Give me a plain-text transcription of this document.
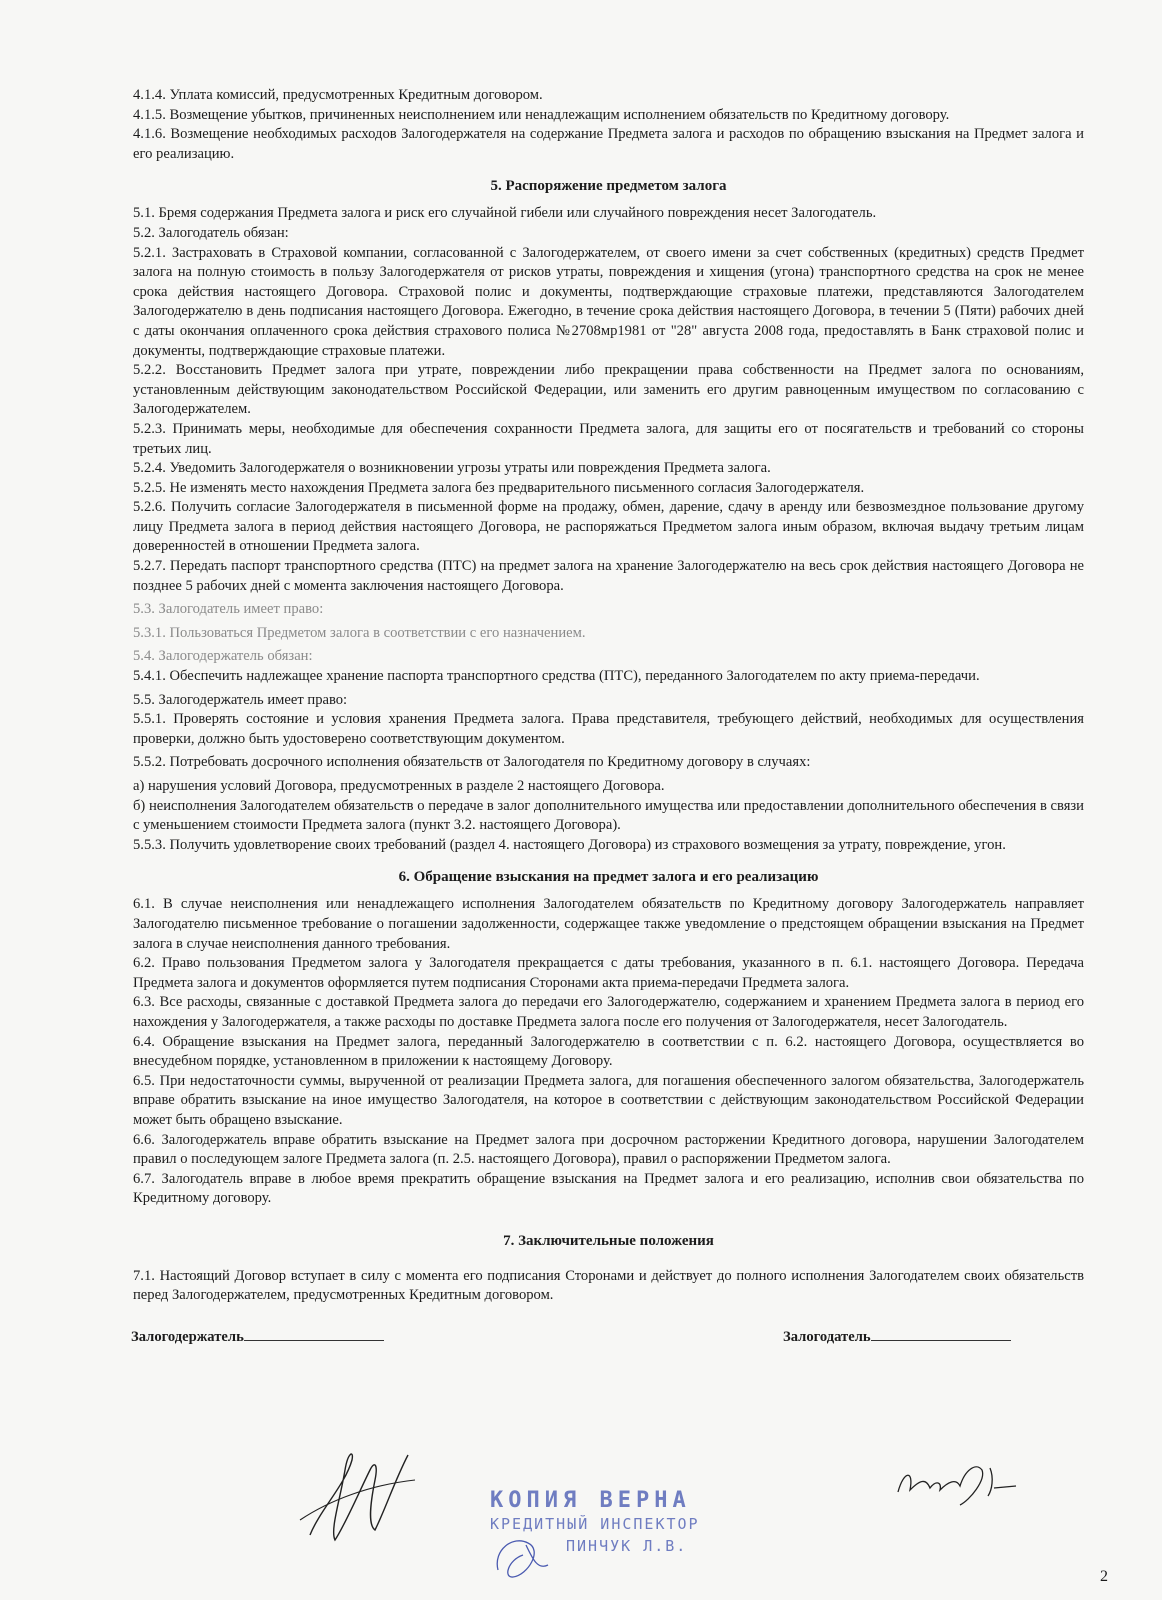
4.1.4. Уплата комиссий, предусмотренных Кредитным договором.

4.1.5. Возмещение убытков, причиненных неисполнением или ненадлежащим исполнением обязательств по Кредитному договору.

4.1.6. Возмещение необходимых расходов Залогодержателя на содержание Предмета залога и расходов по обращению взыскания на Предмет залога и его реализацию.

5. Распоряжение предметом залога

5.1. Бремя содержания Предмета залога и риск его случайной гибели или случайного повреждения несет Залогодатель.

5.2. Залогодатель обязан:

5.2.1. Застраховать в Страховой компании, согласованной с Залогодержателем, от своего имени за счет собственных (кредитных) средств Предмет залога на полную стоимость в пользу Залогодержателя от рисков утраты, повреждения и хищения (угона) транспортного средства на срок не менее срока действия настоящего Договора. Страховой полис и документы, подтверждающие страховые платежи, представляются Залогодателем Залогодержателю в день подписания настоящего Договора. Ежегодно, в течение срока действия настоящего Договора, в течении 5 (Пяти) рабочих дней с даты окончания оплаченного срока действия страхового полиса №2708мр1981 от "28" августа 2008 года, предоставлять в Банк страховой полис и документы, подтверждающие страховые платежи.

5.2.2. Восстановить Предмет залога при утрате, повреждении либо прекращении права собственности на Предмет залога по основаниям, установленным действующим законодательством Российской Федерации, или заменить его другим равноценным имуществом по согласованию с Залогодержателем.

5.2.3. Принимать меры, необходимые для обеспечения сохранности Предмета залога, для защиты его от посягательств и требований со стороны третьих лиц.

5.2.4. Уведомить Залогодержателя о возникновении угрозы утраты или повреждения Предмета залога.

5.2.5. Не изменять место нахождения Предмета залога без предварительного письменного согласия Залогодержателя.

5.2.6. Получить согласие Залогодержателя в письменной форме на продажу, обмен, дарение, сдачу в аренду или безвозмездное пользование другому лицу Предмета залога в период действия настоящего Договора, не распоряжаться Предметом залога иным образом, включая выдачу третьим лицам доверенностей в отношении Предмета залога.

5.2.7. Передать паспорт транспортного средства (ПТС) на предмет залога на хранение Залогодержателю на весь срок действия настоящего Договора не позднее 5 рабочих дней с момента заключения настоящего Договора.

5.3. Залогодатель имеет право:

5.3.1. Пользоваться Предметом залога в соответствии с его назначением.

5.4. Залогодержатель обязан:

5.4.1. Обеспечить надлежащее хранение паспорта транспортного средства (ПТС), переданного Залогодателем по акту приема-передачи.

5.5. Залогодержатель имеет право:

5.5.1. Проверять состояние и условия хранения Предмета залога. Права представителя, требующего действий, необходимых для осуществления проверки, должно быть удостоверено соответствующим документом.

5.5.2. Потребовать досрочного исполнения обязательств от Залогодателя по Кредитному договору в случаях:

а) нарушения условий Договора, предусмотренных в разделе 2 настоящего Договора.

б) неисполнения Залогодателем обязательств о передаче в залог дополнительного имущества или предоставлении дополнительного обеспечения в связи с уменьшением стоимости Предмета залога (пункт 3.2. настоящего Договора).

5.5.3. Получить удовлетворение своих требований (раздел 4. настоящего Договора) из страхового возмещения за утрату, повреждение, угон.

6. Обращение взыскания на предмет залога и его реализацию

6.1. В случае неисполнения или ненадлежащего исполнения Залогодателем обязательств по Кредитному договору Залогодержатель направляет Залогодателю письменное требование о погашении задолженности, содержащее также уведомление о предстоящем обращении взыскания на Предмет залога в случае неисполнения данного требования.

6.2. Право пользования Предметом залога у Залогодателя прекращается с даты требования, указанного в п. 6.1. настоящего Договора. Передача Предмета залога и документов оформляется путем подписания Сторонами акта приема-передачи Предмета залога.

6.3. Все расходы, связанные с доставкой Предмета залога до передачи его Залогодержателю, содержанием и хранением Предмета залога в период его нахождения у Залогодержателя, а также расходы по доставке Предмета залога после его получения от Залогодержателя, несет Залогодатель.

6.4. Обращение взыскания на Предмет залога, переданный Залогодержателю в соответствии с п. 6.2. настоящего Договора, осуществляется во внесудебном порядке, установленном в приложении к настоящему Договору.

6.5. При недостаточности суммы, вырученной от реализации Предмета залога, для погашения обеспеченного залогом обязательства, Залогодержатель вправе обратить взыскание на иное имущество Залогодателя, на которое в соответствии с действующим законодательством Российской Федерации может быть обращено взыскание.

6.6. Залогодержатель вправе обратить взыскание на Предмет залога при досрочном расторжении Кредитного договора, нарушении Залогодателем правил о последующем залоге Предмета залога (п. 2.5. настоящего Договора), правил о распоряжении Предметом залога.

6.7. Залогодатель вправе в любое время прекратить обращение взыскания на Предмет залога и его реализацию, исполнив свои обязательства по Кредитному договору.

7. Заключительные положения

7.1. Настоящий Договор вступает в силу с момента его подписания Сторонами и действует до полного исполнения Залогодателем своих обязательств перед Залогодержателем, предусмотренных Кредитным договором.

Залогодержатель	Залогодатель
КОПИЯ ВЕРНА
КРЕДИТНЫЙ ИНСПЕКТОР
ПИНЧУК Л.В.
2
